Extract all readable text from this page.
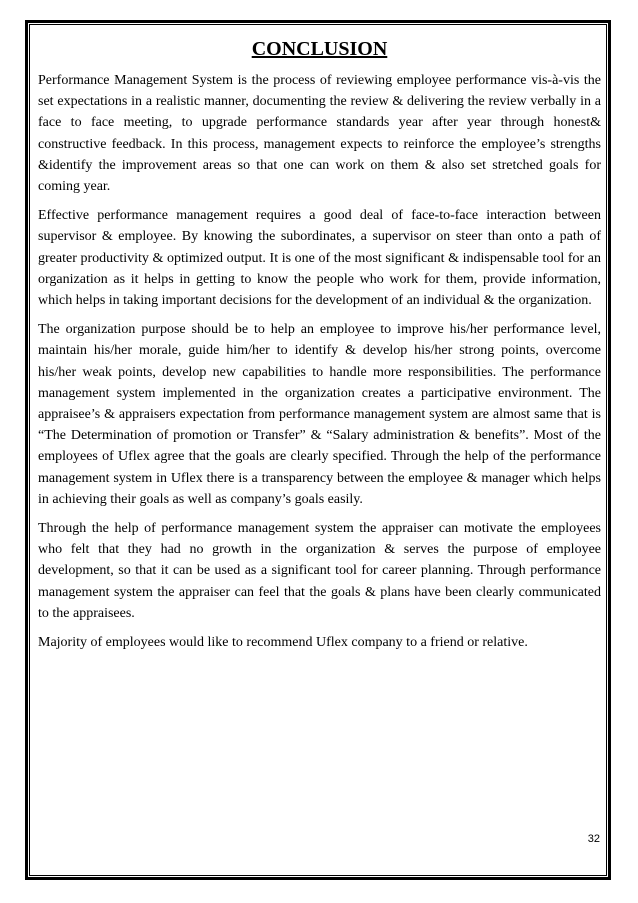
CONCLUSION

Performance Management System is the process of reviewing employee performance vis-à-vis the set expectations in a realistic manner, documenting the review & delivering the review verbally in a face to face meeting, to upgrade performance standards year after year through honest& constructive feedback. In this process, management expects to reinforce the employee’s strengths &identify the improvement areas so that one can work on them & also set stretched goals for coming year.

Effective performance management requires a good deal of face-to-face interaction between supervisor & employee. By knowing the subordinates, a supervisor on steer than onto a path of greater productivity & optimized output. It is one of the most significant & indispensable tool for an organization as it helps in getting to know the people who work for them, provide information, which helps in taking important decisions for the development of an individual & the organization.

The organization purpose should be to help an employee to improve his/her performance level, maintain his/her morale, guide him/her to identify & develop his/her strong points, overcome his/her weak points, develop new capabilities to handle more responsibilities. The performance management system implemented in the organization creates a participative environment. The appraisee’s & appraisers expectation from performance management system are almost same that is “The Determination of promotion or Transfer” & “Salary administration & benefits”. Most of the employees of Uflex agree that the goals are clearly specified. Through the help of the performance management system in Uflex there is a transparency between the employee & manager which helps in achieving their goals as well as company’s goals easily.

Through the help of performance management system the appraiser can motivate the employees who felt that they had no growth in the organization & serves the purpose of employee development, so that it can be used as a significant tool for career planning. Through performance management system the appraiser can feel that the goals & plans have been clearly communicated to the appraisees.

Majority of employees would like to recommend Uflex company to a friend or relative.

32
